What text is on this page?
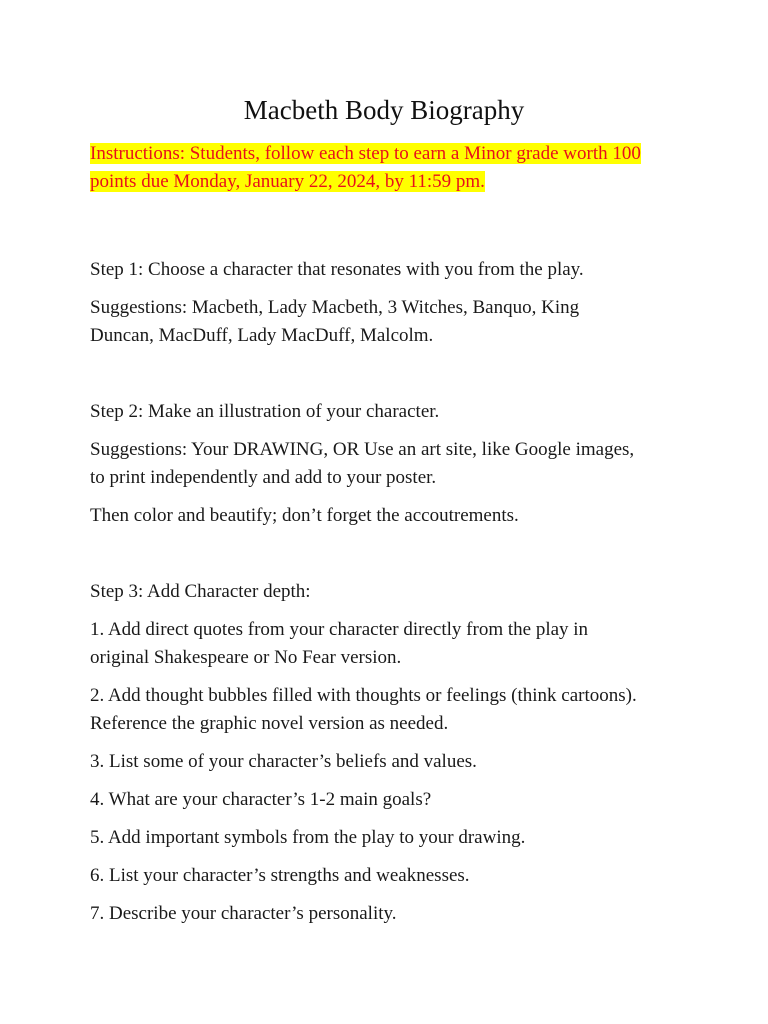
Macbeth Body Biography
Instructions: Students, follow each step to earn a Minor grade worth 100
points due Monday, January 22, 2024, by 11:59 pm.

Step 1: Choose a character that resonates with you from the play.

Suggestions: Macbeth, Lady Macbeth, 3 Witches, Banquo, King
Duncan, MacDuff, Lady MacDuff, Malcolm.

Step 2: Make an illustration of your character.

Suggestions: Your DRAWING, OR Use an art site, like Google images,
to print independently and add to your poster.

Then color and beautify; don’t forget the accoutrements.

Step 3: Add Character depth:

1. Add direct quotes from your character directly from the play in
original Shakespeare or No Fear version.
2. Add thought bubbles filled with thoughts or feelings (think cartoons).
Reference the graphic novel version as needed.

3. List some of your character’s beliefs and values.

4. What are your character’s 1-2 main goals?

5. Add important symbols from the play to your drawing.

6. List your character’s strengths and weaknesses.

7. Describe your character’s personality.
